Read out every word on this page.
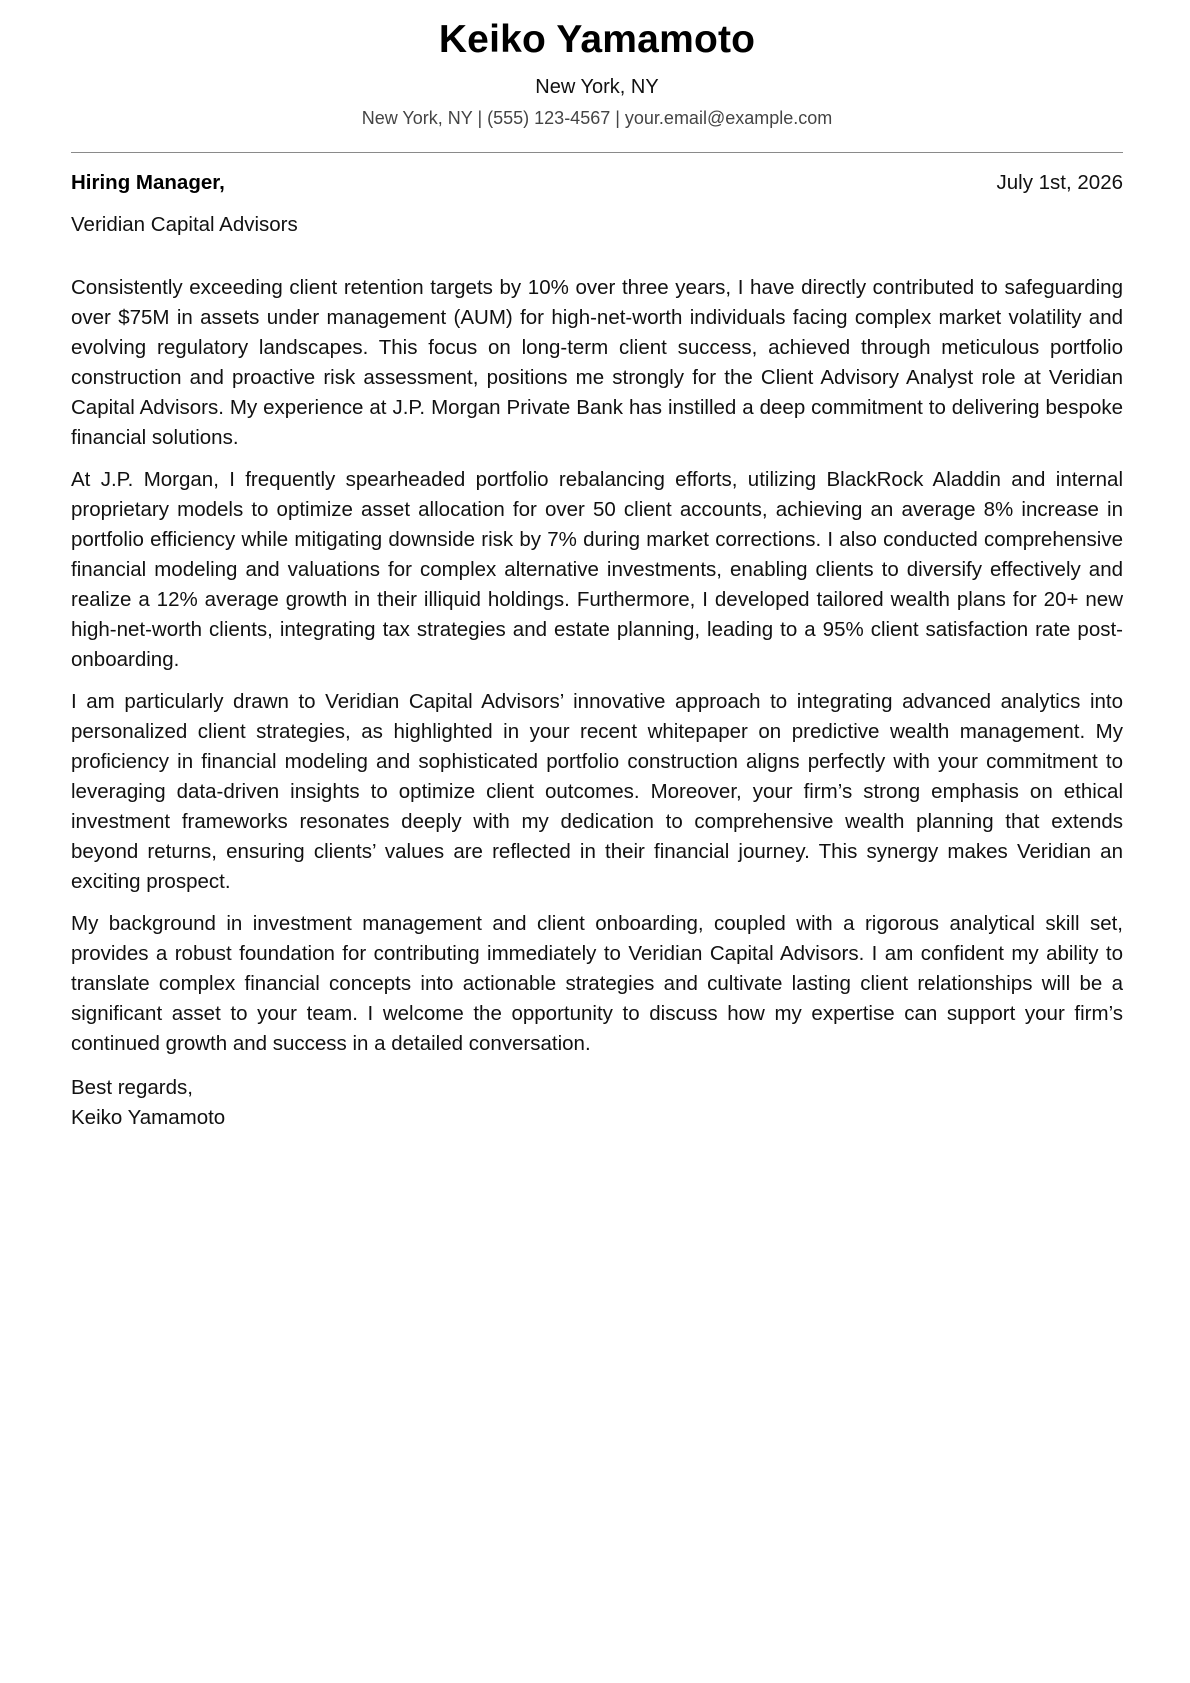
Keiko Yamamoto
New York, NY
New York, NY | (555) 123-4567 | your.email@example.com
Hiring Manager,	July 1st, 2026
Veridian Capital Advisors

Consistently exceeding client retention targets by 10% over three years, I have directly contributed to safeguarding over $75M in assets under management (AUM) for high-net-worth individuals facing complex market volatility and evolving regulatory landscapes. This focus on long-term client success, achieved through meticulous portfolio construction and proactive risk assessment, positions me strongly for the Client Advisory Analyst role at Veridian Capital Advisors. My experience at J.P. Morgan Private Bank has instilled a deep commitment to delivering bespoke financial solutions.

At J.P. Morgan, I frequently spearheaded portfolio rebalancing efforts, utilizing BlackRock Aladdin and internal proprietary models to optimize asset allocation for over 50 client accounts, achieving an average 8% increase in portfolio efficiency while mitigating downside risk by 7% during market corrections. I also conducted comprehensive financial modeling and valuations for complex alternative investments, enabling clients to diversify effectively and realize a 12% average growth in their illiquid holdings. Furthermore, I developed tailored wealth plans for 20+ new high-net-worth clients, integrating tax strategies and estate planning, leading to a 95% client satisfaction rate post-onboarding.

I am particularly drawn to Veridian Capital Advisors’ innovative approach to integrating advanced analytics into personalized client strategies, as highlighted in your recent whitepaper on predictive wealth management. My proficiency in financial modeling and sophisticated portfolio construction aligns perfectly with your commitment to leveraging data-driven insights to optimize client outcomes. Moreover, your firm’s strong emphasis on ethical investment frameworks resonates deeply with my dedication to comprehensive wealth planning that extends beyond returns, ensuring clients’ values are reflected in their financial journey. This synergy makes Veridian an exciting prospect.

My background in investment management and client onboarding, coupled with a rigorous analytical skill set, provides a robust foundation for contributing immediately to Veridian Capital Advisors. I am confident my ability to translate complex financial concepts into actionable strategies and cultivate lasting client relationships will be a significant asset to your team. I welcome the opportunity to discuss how my expertise can support your firm’s continued growth and success in a detailed conversation.

Best regards,
Keiko Yamamoto
